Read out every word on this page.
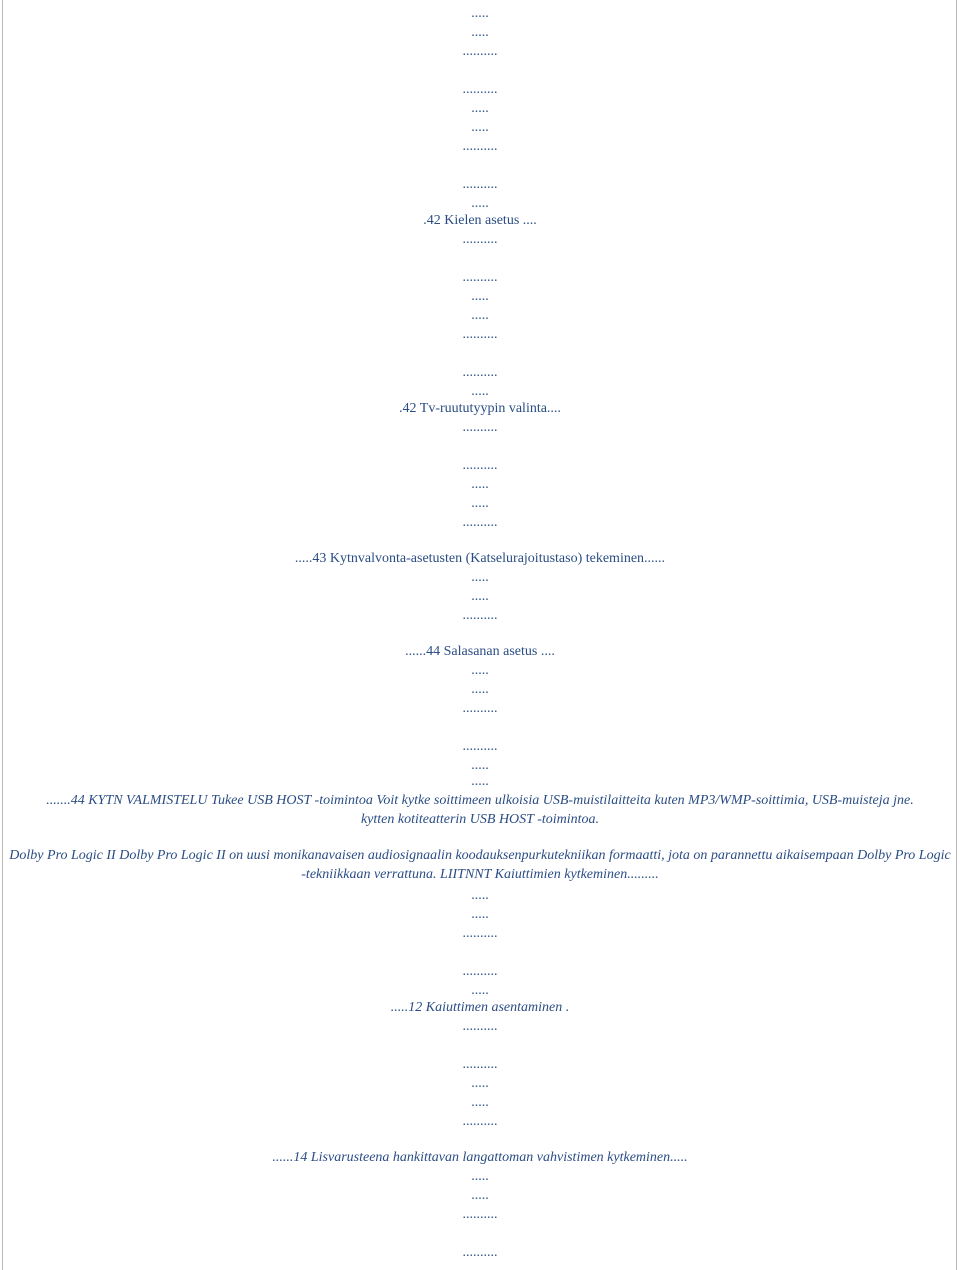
.....
.....
..........
..........
.....
.....
..........
..........
.....
.42 Kielen asetus ....
..........
..........
.....
.....
..........
..........
.....
.42 Tv-ruututyypin valinta....
..........
..........
.....
.....
..........
.....43 Kytnvalvonta-asetusten (Katselurajoitustaso) tekeminen......
.....
.....
..........
......44 Salasanan asetus ....
.....
.....
..........
..........
.....
.....
.......44 KYTN VALMISTELU Tukee USB HOST -toimintoa Voit kytke soittimeen ulkoisia USB-muistilaitteita kuten MP3/WMP-soittimia, USB-muisteja jne.
kytten kotiteatterin USB HOST -toimintoa.
Dolby Pro Logic II Dolby Pro Logic II on uusi monikanavaisen audiosignaalin koodauksenpurkutekniikan formaatti, jota on parannettu aikaisempaan Dolby Pro Logic -tekniikkaan verrattuna. LIITNNT Kaiuttimien kytkeminen.........
.....
.....
..........
..........
.....
.....12 Kaiuttimen asentaminen .
..........
..........
.....
.....
..........
......14 Lisvarusteena hankittavan langattoman vahvistimen kytkeminen.....
.....
.....
..........
..........
